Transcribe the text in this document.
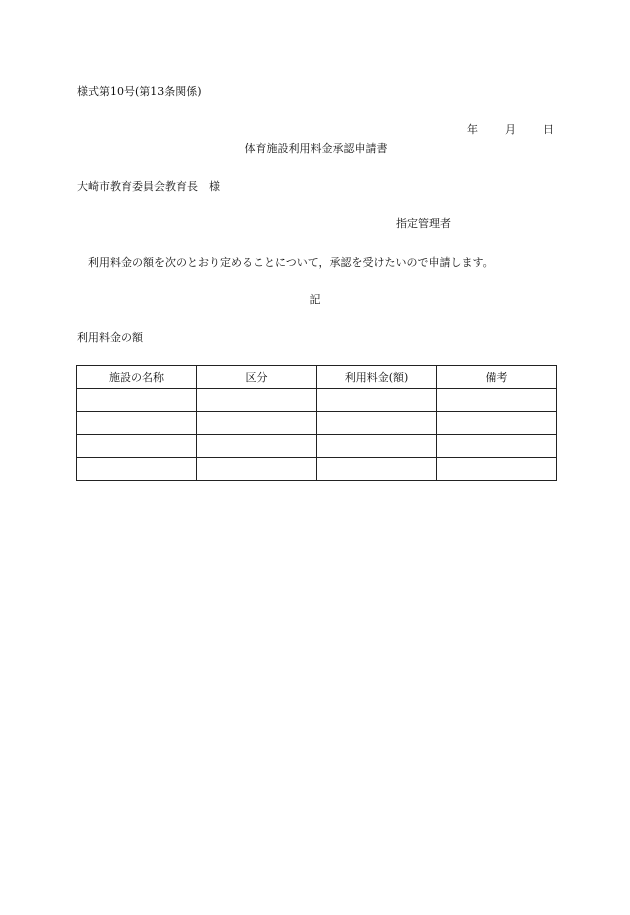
様式第10号(第13条関係)
年 月 日
体育施設利用料金承認申請書
大崎市教育委員会教育長　様
指定管理者
利用料金の額を次のとおり定めることについて，承認を受けたいので申請します。
記
利用料金の額
施設の名称	区分	利用料金(額)	備考
